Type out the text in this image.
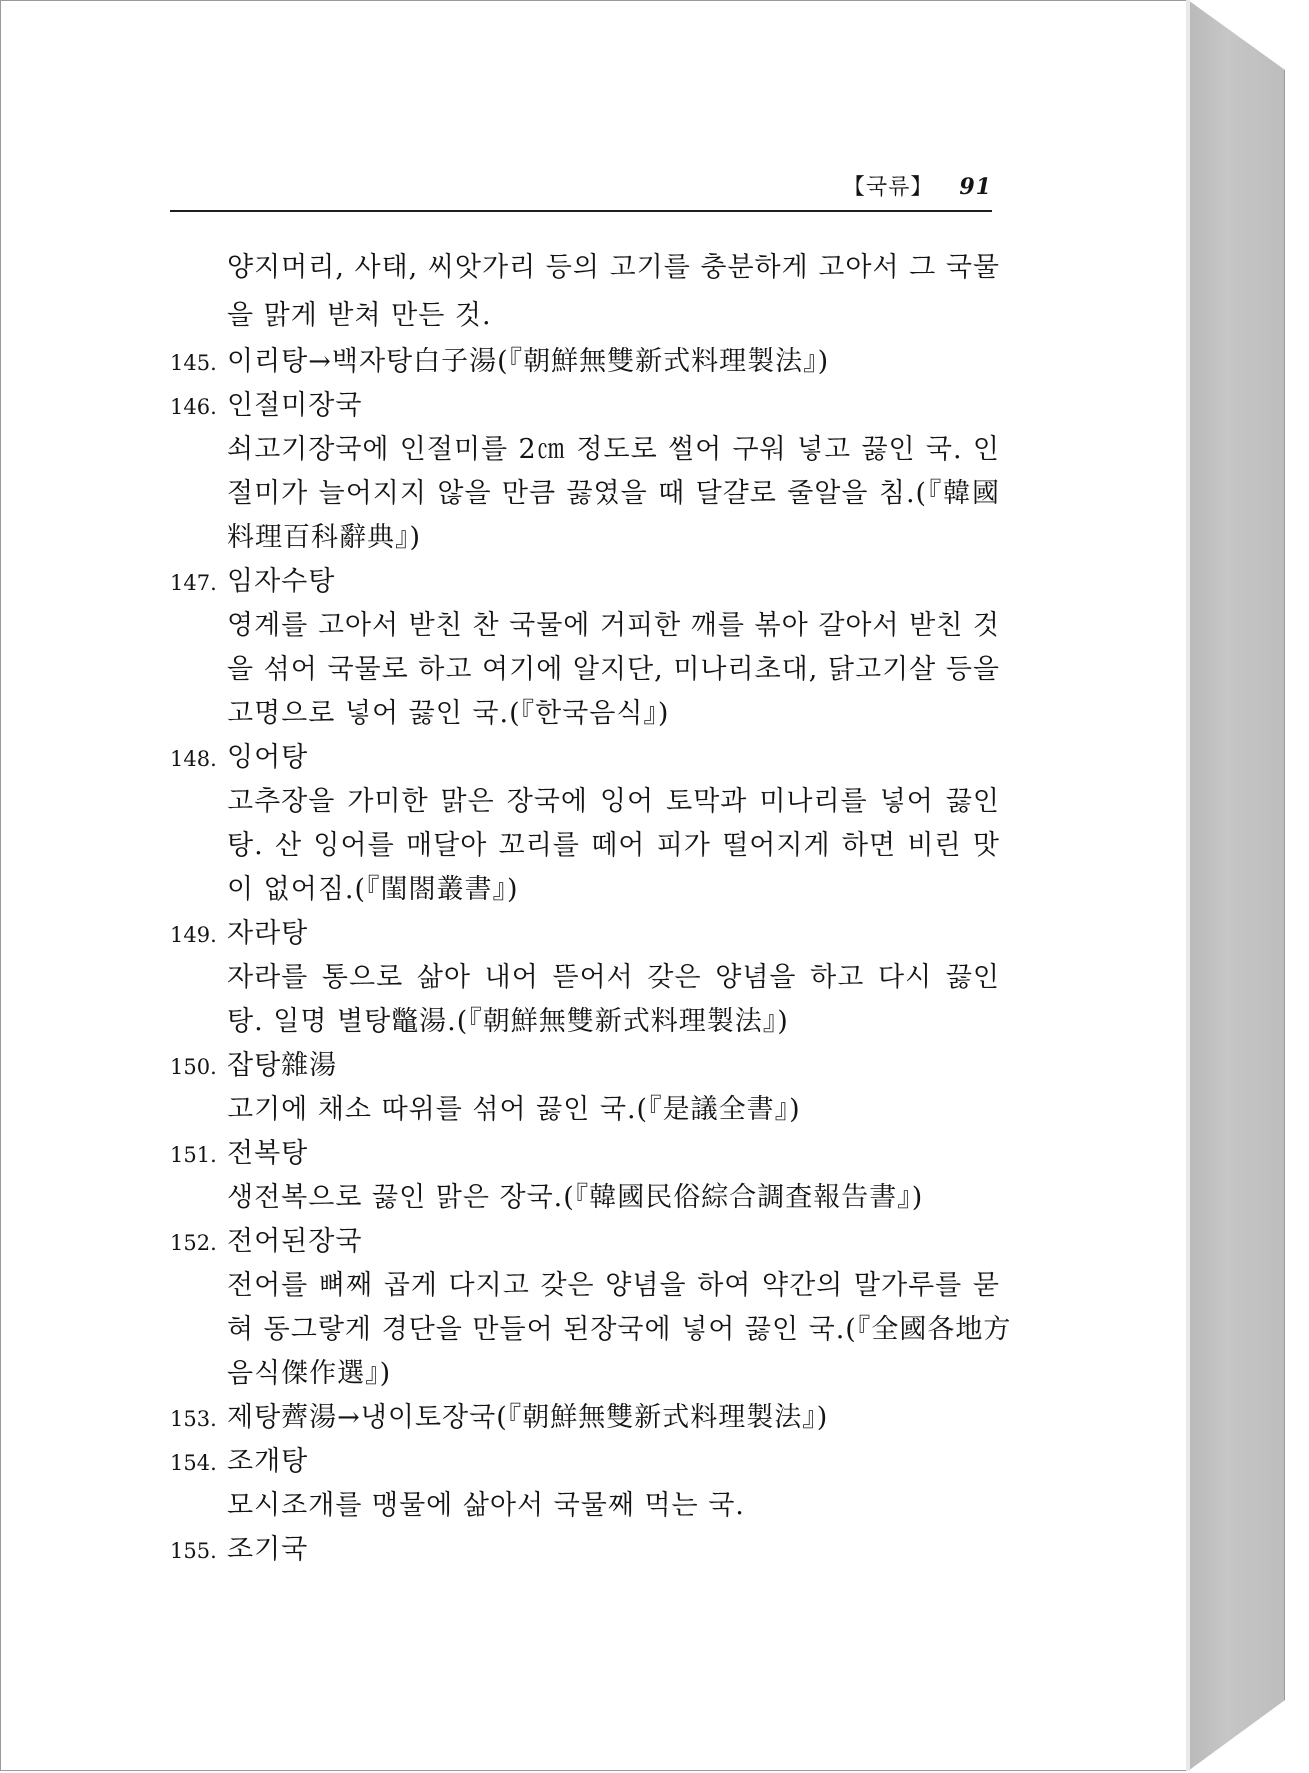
【국류】 91
양지머리, 사태, 씨앗가리 등의 고기를 충분하게 고아서 그 국물
을 맑게 받쳐 만든 것.
145. 이리탕→백자탕白子湯(『朝鮮無雙新式料理製法』)
146. 인절미장국
쇠고기장국에 인절미를 2㎝ 정도로 썰어 구워 넣고 끓인 국. 인
절미가 늘어지지 않을 만큼 끓였을 때 달걀로 줄알을 침.(『韓國
料理百科辭典』)
147. 임자수탕
영계를 고아서 받친 찬 국물에 거피한 깨를 볶아 갈아서 받친 것
을 섞어 국물로 하고 여기에 알지단, 미나리초대, 닭고기살 등을
고명으로 넣어 끓인 국.(『한국음식』)
148. 잉어탕
고추장을 가미한 맑은 장국에 잉어 토막과 미나리를 넣어 끓인
탕. 산 잉어를 매달아 꼬리를 떼어 피가 떨어지게 하면 비린 맛
이 없어짐.(『閨閤叢書』)
149. 자라탕
자라를 통으로 삶아 내어 뜯어서 갖은 양념을 하고 다시 끓인
탕. 일명 별탕鼈湯.(『朝鮮無雙新式料理製法』)
150. 잡탕雜湯
고기에 채소 따위를 섞어 끓인 국.(『是議全書』)
151. 전복탕
생전복으로 끓인 맑은 장국.(『韓國民俗綜合調査報告書』)
152. 전어된장국
전어를 뼈째 곱게 다지고 갖은 양념을 하여 약간의 말가루를 묻
혀 동그랗게 경단을 만들어 된장국에 넣어 끓인 국.(『全國各地方
음식傑作選』)
153. 제탕薺湯→냉이토장국(『朝鮮無雙新式料理製法』)
154. 조개탕
모시조개를 맹물에 삶아서 국물째 먹는 국.
155. 조기국
